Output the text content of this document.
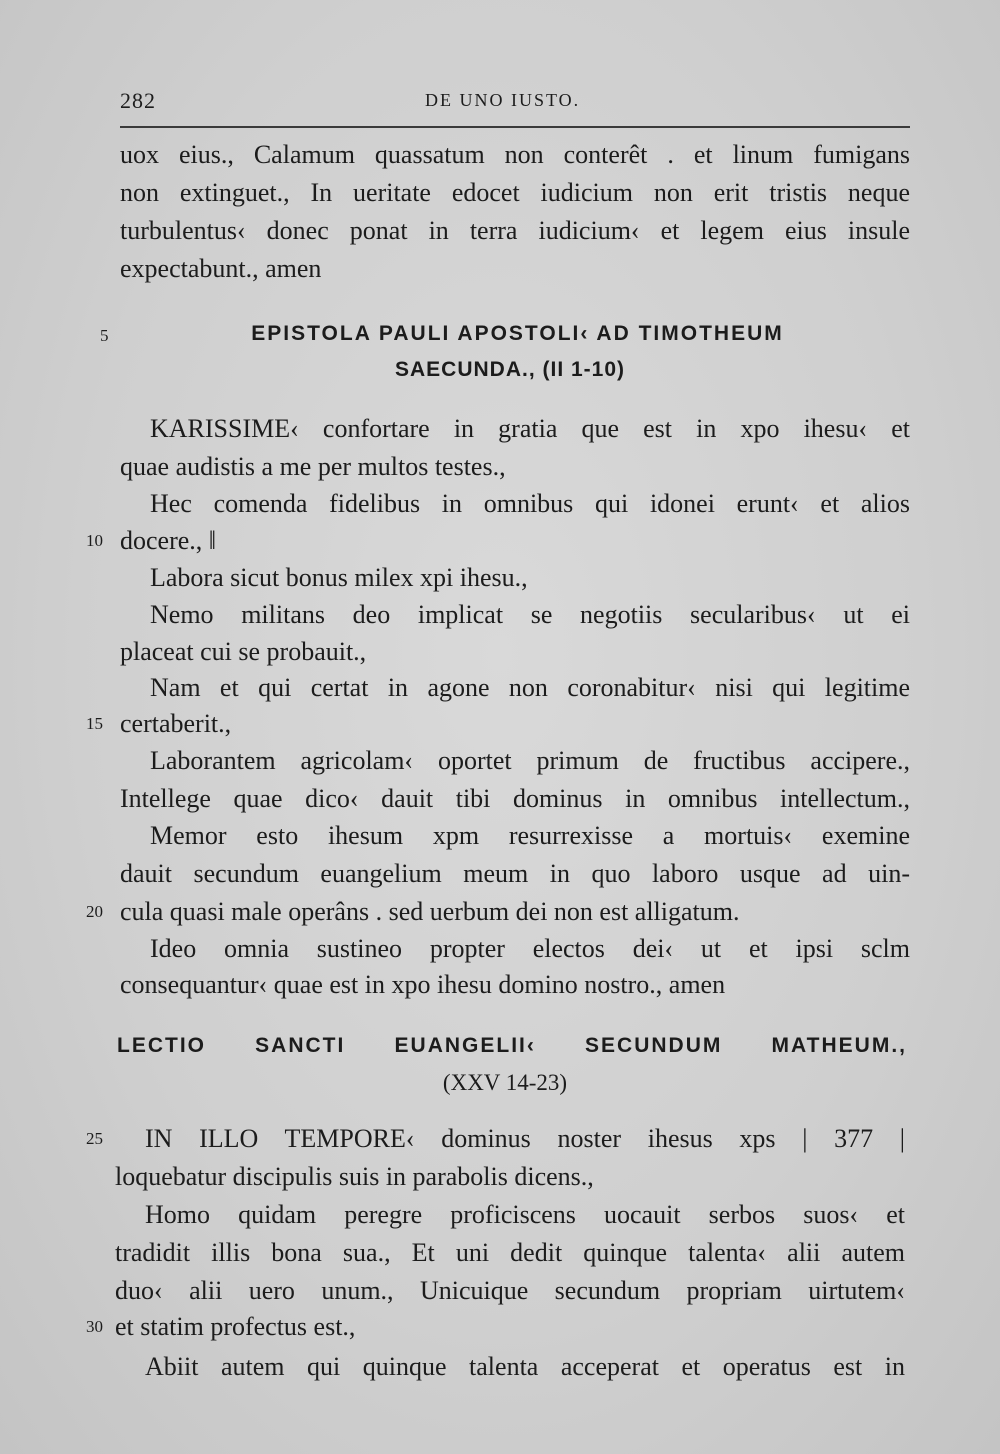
282	DE UNO IUSTO.
uox eius., Calamum quassatum non conterêt . et linum fumigans
non extinguet., In ueritate edocet iudicium non erit tristis neque
turbulentus‹ donec ponat in terra iudicium‹ et legem eius insule
expectabunt., amen
EPISTOLA PAULI APOSTOLI‹ AD TIMOTHEUM
SAECUNDA., (II 1-10)
KARISSIME‹ confortare in gratia que est in xpo ihesu‹ et
quae audistis a me per multos testes.,
Hec comenda fidelibus in omnibus qui idonei erunt‹ et alios
docere., ‖
Labora sicut bonus milex xpi ihesu.,
Nemo militans deo implicat se negotiis secularibus‹ ut ei
placeat cui se probauit.,
Nam et qui certat in agone non coronabitur‹ nisi qui legitime
certaberit.,
Laborantem agricolam‹ oportet primum de fructibus accipere.,
Intellege quae dico‹ dauit tibi dominus in omnibus intellectum.,
Memor esto ihesum xpm resurrexisse a mortuis‹ exemine
dauit secundum euangelium meum in quo laboro usque ad uin-
cula quasi male operâns . sed uerbum dei non est alligatum.
Ideo omnia sustineo propter electos dei‹ ut et ipsi sclm
consequantur‹ quae est in xpo ihesu domino nostro., amen
LECTIO SANCTI EUANGELII‹ SECUNDUM MATHEUM.,
(XXV 14-23)
IN ILLO TEMPORE‹ dominus noster ihesus xps | 377 |
loquebatur discipulis suis in parabolis dicens.,
Homo quidam peregre proficiscens uocauit serbos suos‹ et
tradidit illis bona sua., Et uni dedit quinque talenta‹ alii autem
duo‹ alii uero unum., Unicuique secundum propriam uirtutem‹
et statim profectus est.,
Abiit autem qui quinque talenta acceperat et operatus est in
5
10
15
20
25
30
